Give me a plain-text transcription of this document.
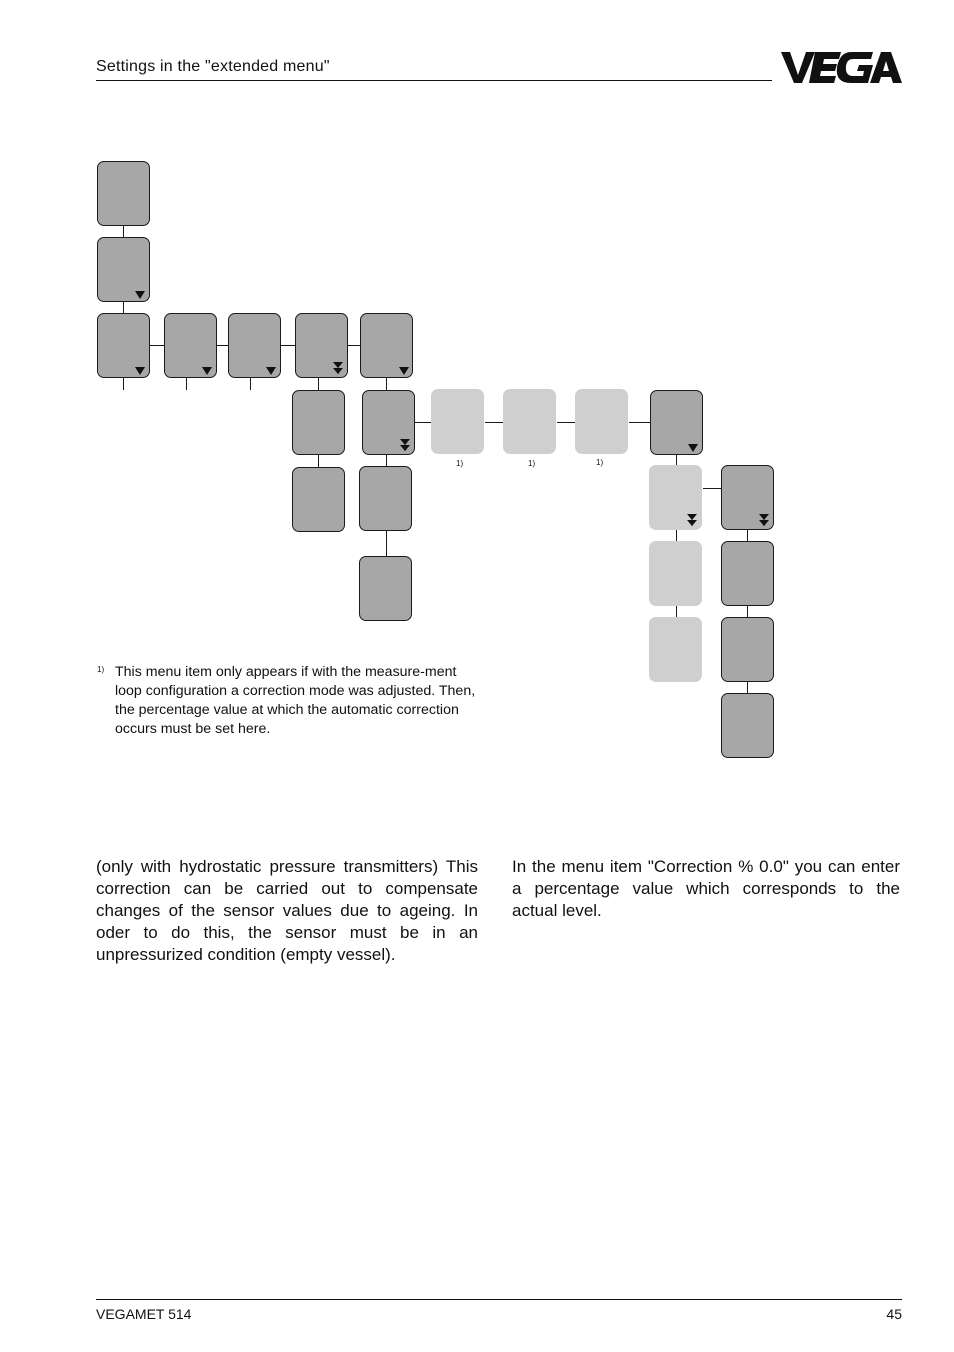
Settings in the "extended menu"
1)	1)	1)
1) This menu item only appears if with the measure-ment loop configuration a correction mode was adjusted. Then, the percentage value at which the automatic correction occurs must be set here.
(only with hydrostatic pressure transmitters) This correction can be carried out to compensate changes of the sensor values due to ageing. In oder to do this, the sensor must be in an unpressurized condition (empty vessel).
In the menu item "Correction % 0.0" you can enter a percentage value which corresponds to the actual level.
VEGAMET 514	45
